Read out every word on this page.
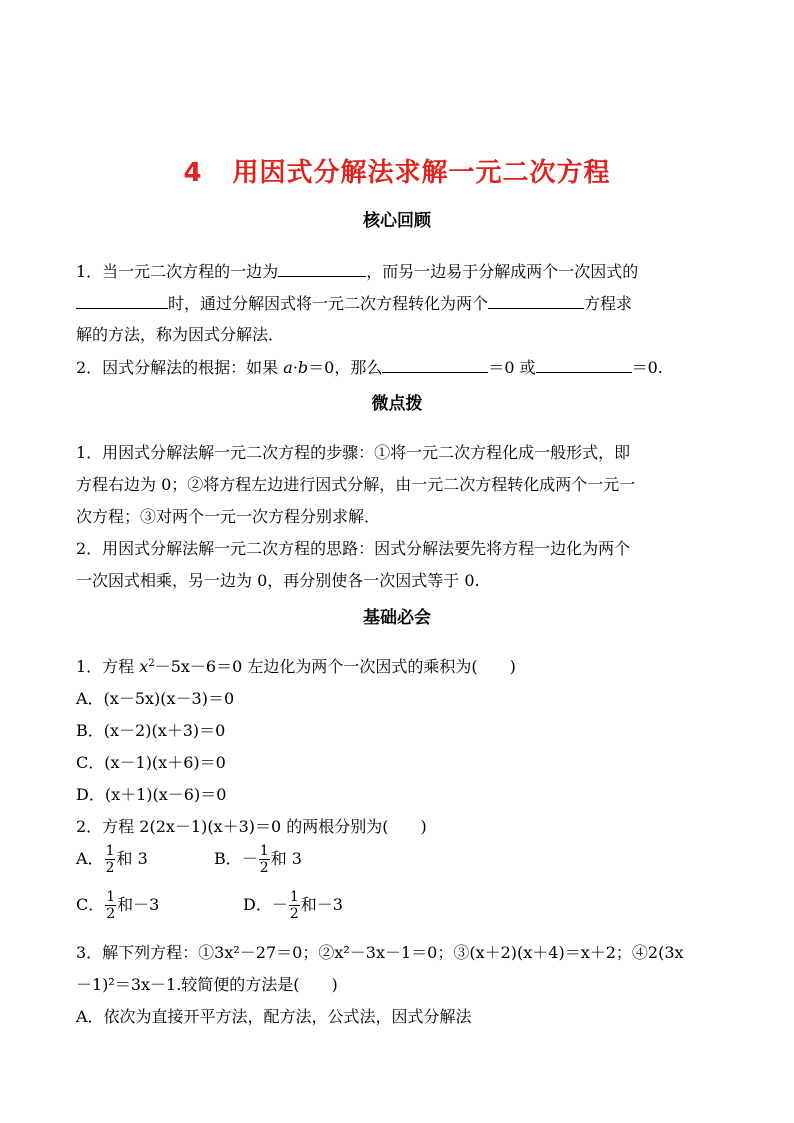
4 用因式分解法求解一元二次方程
核心回顾
1．当一元二次方程的一边为	，而另一边易于分解成两个一次因式的
时，通过分解因式将一元二次方程转化为两个	方程求
解的方法，称为因式分解法．
2．因式分解法的根据：如果 a·b＝0，那么	＝0 或	＝0.
微点拨
1．用因式分解法解一元二次方程的步骤：①将一元二次方程化成一般形式，即
方程右边为 0；②将方程左边进行因式分解，由一元二次方程转化成两个一元一
次方程；③对两个一元一次方程分别求解．
2．用因式分解法解一元二次方程的思路：因式分解法要先将方程一边化为两个
一次因式相乘，另一边为 0，再分别使各一次因式等于 0.
基础必会
1．方程 $x^2-5x-6=0$ 左边化为两个一次因式的乘积为(　　)
A．(x－5x)(x－3)＝0
B．(x－2)(x＋3)＝0
C．(x－1)(x＋6)＝0
D．(x＋1)(x－6)＝0
2．方程 2(2x－1)(x＋3)＝0 的两根分别为(　　)
A． $\frac{1}{2}$ 和 3	B．－ $\frac{1}{2}$ 和 3
C． $\frac{1}{2}$ 和－3	D．－ $\frac{1}{2}$ 和－3
3．解下列方程：①3x²－27＝0；②x²－3x－1＝0；③(x＋2)(x＋4)＝x＋2；④2(3x
－1)²＝3x－1.较简便的方法是(　　)
A．依次为直接开平方法，配方法，公式法，因式分解法
